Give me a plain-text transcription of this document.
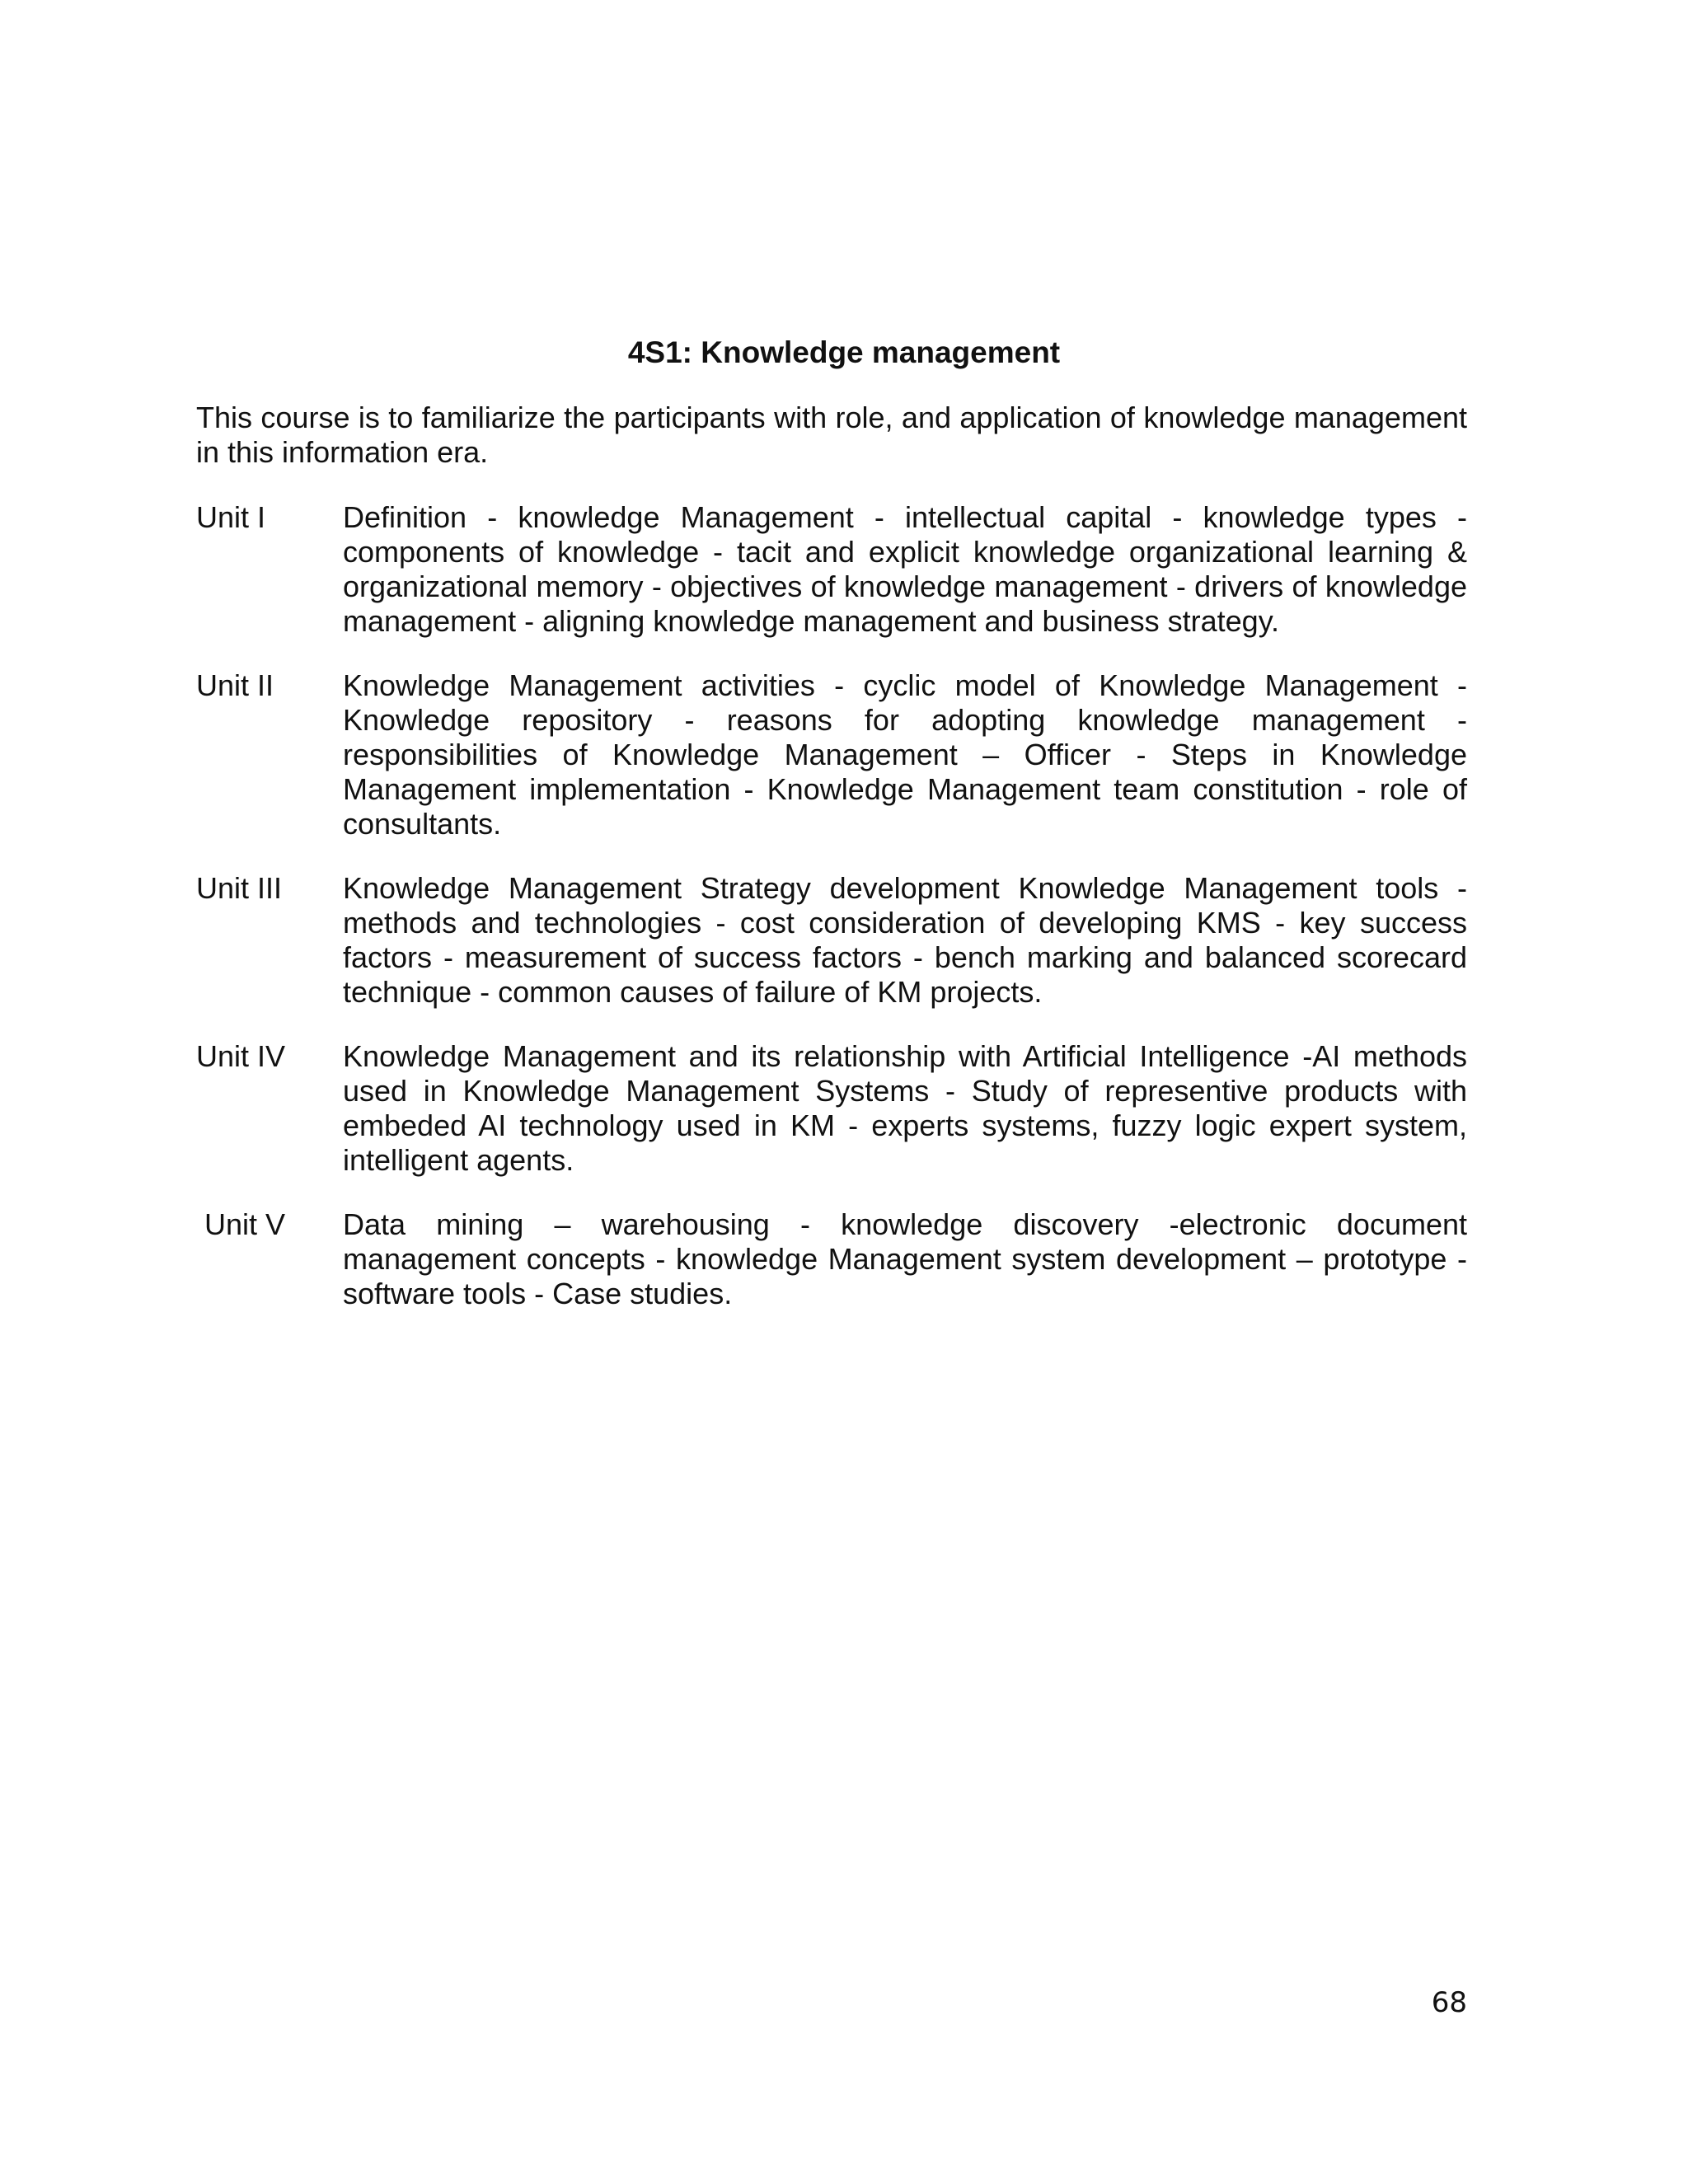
4S1: Knowledge management

This course is to familiarize the participants with role, and application of knowledge management in this information era.

Unit I	Definition - knowledge Management - intellectual capital - knowledge types - components of knowledge - tacit and explicit knowledge organizational learning & organizational memory - objectives of knowledge management - drivers of knowledge management - aligning knowledge management and business strategy.
Unit II	Knowledge Management activities - cyclic model of Knowledge Management - Knowledge repository - reasons for adopting knowledge management - responsibilities of Knowledge Management – Officer - Steps in Knowledge Management implementation - Knowledge Management team constitution - role of consultants.
Unit III	Knowledge Management Strategy development Knowledge Management tools - methods and technologies - cost consideration of developing KMS - key success factors - measurement of success factors - bench marking and balanced scorecard technique - common causes of failure of KM projects.
Unit IV	Knowledge Management and its relationship with Artificial Intelligence -AI methods used in Knowledge Management Systems - Study of representive products with embeded AI technology used in KM - experts systems, fuzzy logic expert system, intelligent agents.
Unit V	Data mining – warehousing - knowledge discovery -electronic document management concepts - knowledge Management system development – prototype - software tools - Case studies.
68
